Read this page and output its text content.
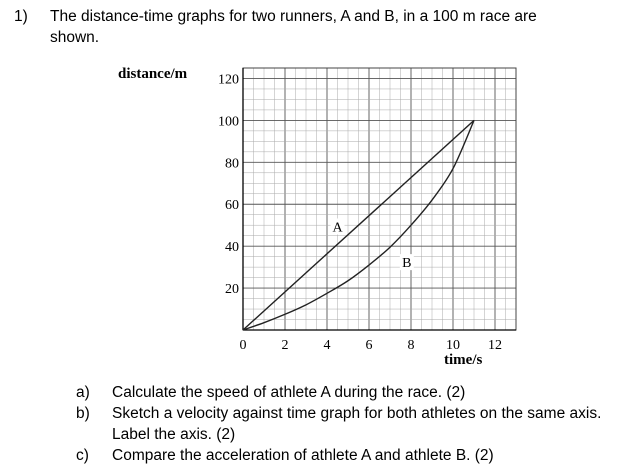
1) The distance-time graphs for two runners, A and B, in a 100 m race are
shown.
0	2	4	6	8 10 12
20
40
60
80
100
120
A
B
distance/m
time/s
a) Calculate the speed of athlete A during the race. (2)
b) Sketch a velocity against time graph for both athletes on the same axis.
Label the axis. (2)
c) Compare the acceleration of athlete A and athlete B. (2)
